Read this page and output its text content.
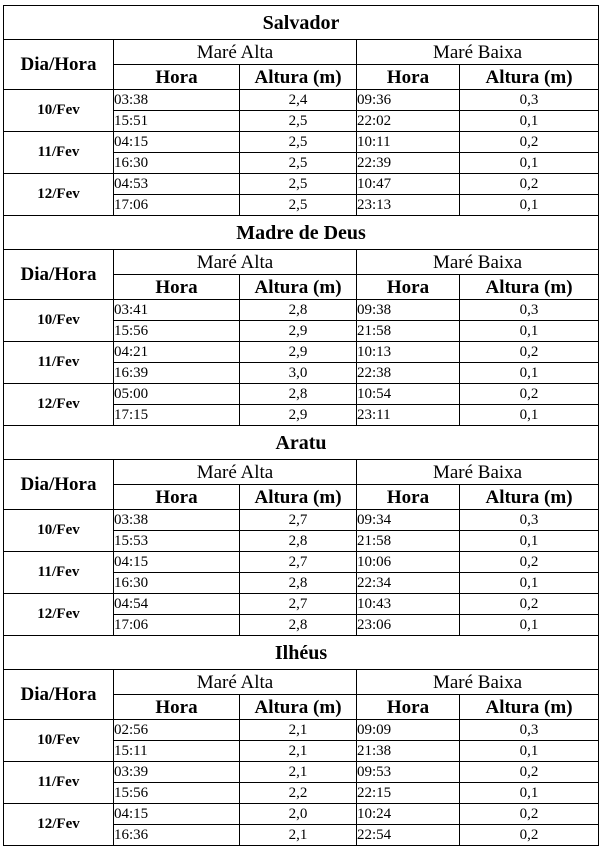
Salvador				
Dia/Hora	Maré Alta		Maré Baixa	
	Hora	Altura (m)	Hora	Altura (m)
10/Fev	03:38	2,4	09:36	0,3
	15:51	2,5	22:02	0,1
11/Fev	04:15	2,5	10:11	0,2
	16:30	2,5	22:39	0,1
12/Fev	04:53	2,5	10:47	0,2
	17:06	2,5	23:13	0,1
Madre de Deus				
Dia/Hora	Maré Alta		Maré Baixa	
	Hora	Altura (m)	Hora	Altura (m)
10/Fev	03:41	2,8	09:38	0,3
	15:56	2,9	21:58	0,1
11/Fev	04:21	2,9	10:13	0,2
	16:39	3,0	22:38	0,1
12/Fev	05:00	2,8	10:54	0,2
	17:15	2,9	23:11	0,1
Aratu				
Dia/Hora	Maré Alta		Maré Baixa	
	Hora	Altura (m)	Hora	Altura (m)
10/Fev	03:38	2,7	09:34	0,3
	15:53	2,8	21:58	0,1
11/Fev	04:15	2,7	10:06	0,2
	16:30	2,8	22:34	0,1
12/Fev	04:54	2,7	10:43	0,2
	17:06	2,8	23:06	0,1
Ilhéus				
Dia/Hora	Maré Alta		Maré Baixa	
	Hora	Altura (m)	Hora	Altura (m)
10/Fev	02:56	2,1	09:09	0,3
	15:11	2,1	21:38	0,1
11/Fev	03:39	2,1	09:53	0,2
	15:56	2,2	22:15	0,1
12/Fev	04:15	2,0	10:24	0,2
	16:36	2,1	22:54	0,2
